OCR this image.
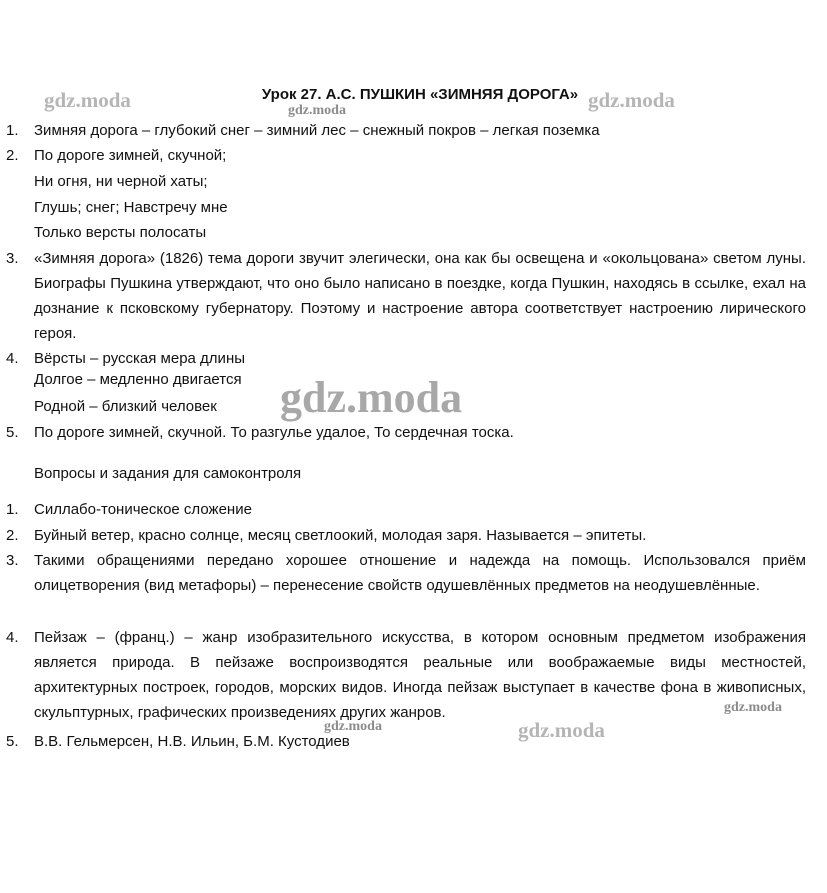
Урок 27. А.С. ПУШКИН «ЗИМНЯЯ ДОРОГА»
1. Зимняя дорога – глубокий снег – зимний лес – снежный покров – легкая поземка
2. По дороге зимней, скучной;
Ни огня, ни черной хаты;
Глушь; снег; Навстречу мне
Только версты полосаты
3. «Зимняя дорога» (1826) тема дороги звучит элегически, она как бы освещена и «окольцована» светом луны. Биографы Пушкина утверждают, что оно было написано в поездке, когда Пушкин, находясь в ссылке, ехал на дознание к псковскому губернатору. Поэтому и настроение автора соответствует настроению лирического героя.
4. Вёрсты – русская мера длины
Долгое – медленно двигается
Родной – близкий человек
5. По дороге зимней, скучной. То разгулье удалое, То сердечная тоска.
Вопросы и задания для самоконтроля
1. Силлабо-тоническое сложение
2. Буйный ветер, красно солнце, месяц светлоокий, молодая заря. Называется – эпитеты.
3. Такими обращениями передано хорошее отношение и надежда на помощь. Использовался приём олицетворения (вид метафоры) – перенесение свойств одушевлённых предметов на неодушевлённые.
4. Пейзаж – (франц.) – жанр изобразительного искусства, в котором основным предметом изображения является природа. В пейзаже воспроизводятся реальные или воображаемые виды местностей, архитектурных построек, городов, морских видов. Иногда пейзаж выступает в качестве фона в живописных, скульптурных, графических произведениях других жанров.
5. В.В. Гельмерсен, Н.В. Ильин, Б.М. Кустодиев
gdz.moda	gdz.moda	gdz.moda
gdz.moda
gdz.moda	gdz.moda
gdz.moda
